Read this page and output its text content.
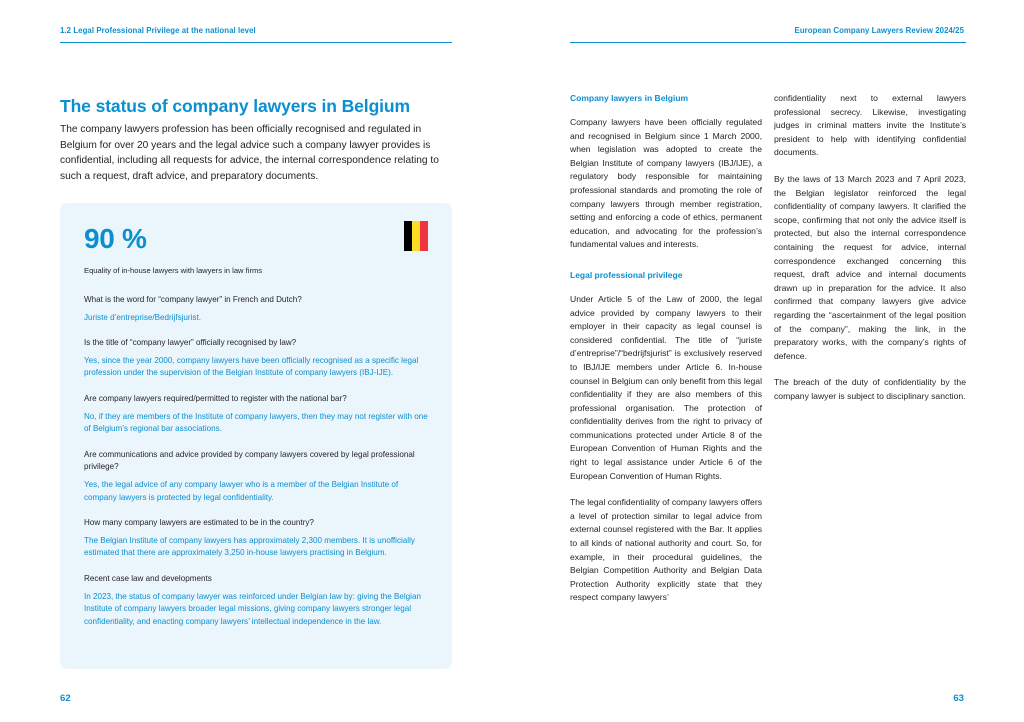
1.2 Legal Professional Privilege at the national level
The status of company lawyers in Belgium
The company lawyers profession has been officially recognised and regulated in Belgium for over 20 years and the legal advice such a company lawyer provides is confidential, including all requests for advice, the internal correspondence relating to such a request, draft advice, and preparatory documents.
90 %
Equality of in-house lawyers with lawyers in law firms
What is the word for “company lawyer” in French and Dutch?
Juriste d’entreprise/Bedrijfsjurist.
Is the title of “company lawyer” officially recognised by law?
Yes, since the year 2000, company lawyers have been officially recognised as a specific legal profession under the supervision of the Belgian Institute of company lawyers (IBJ-IJE).
Are company lawyers required/permitted to register with the national bar?
No, if they are members of the Institute of company lawyers, then they may not register with one of Belgium’s regional bar associations.
Are communications and advice provided by company lawyers covered by legal professional privilege?
Yes, the legal advice of any company lawyer who is a member of the Belgian Institute of company lawyers is protected by legal confidentiality.
How many company lawyers are estimated to be in the country?
The Belgian Institute of company lawyers has approximately 2,300 members. It is unofficially estimated that there are approximately 3,250 in-house lawyers practising in Belgium.
Recent case law and developments
In 2023, the status of company lawyer was reinforced under Belgian law by: giving the Belgian Institute of company lawyers broader legal missions, giving company lawyers stronger legal confidentiality, and enacting company lawyers’ intellectual independence in the law.
62
European Company Lawyers Review 2024/25
Company lawyers in Belgium

Company lawyers have been officially regulated and recognised in Belgium since 1 March 2000, when legislation was adopted to create the Belgian Institute of company lawyers (IBJ/IJE), a regulatory body responsible for maintaining professional standards and promoting the role of company lawyers through member registration, setting and enforcing a code of ethics, permanent education, and advocating for the profession’s fundamental values and interests.

Legal professional privilege

Under Article 5 of the Law of 2000, the legal advice provided by company lawyers to their employer in their capacity as legal counsel is considered confidential. The title of “juriste d’entreprise”/“bedrijfsjurist” is exclusively reserved to IBJ/IJE members under Article 6. In-house counsel in Belgium can only benefit from this legal confidentiality if they are also members of this professional organisation. The protection of confidentiality derives from the right to privacy of communications protected under Article 8 of the European Convention of Human Rights and the right to legal assistance under Article 6 of the European Convention of Human Rights.

The legal confidentiality of company lawyers offers a level of protection similar to legal advice from external counsel registered with the Bar. It applies to all kinds of national authority and court. So, for example, in their procedural guidelines, the Belgian Competition Authority and Belgian Data Protection Authority explicitly state that they respect company lawyers’

confidentiality next to external lawyers professional secrecy. Likewise, investigating judges in criminal matters invite the Institute’s president to help with identifying confidential documents.

By the laws of 13 March 2023 and 7 April 2023, the Belgian legislator reinforced the legal confidentiality of company lawyers. It clarified the scope, confirming that not only the advice itself is protected, but also the internal correspondence containing the request for advice, internal correspondence exchanged concerning this request, draft advice and internal documents drawn up in preparation for the advice. It also confirmed that company lawyers give advice regarding the “ascertainment of the legal position of the company”, making the link, in the preparatory works, with the company’s rights of defence.

The breach of the duty of confidentiality by the company lawyer is subject to disciplinary sanction.

63
